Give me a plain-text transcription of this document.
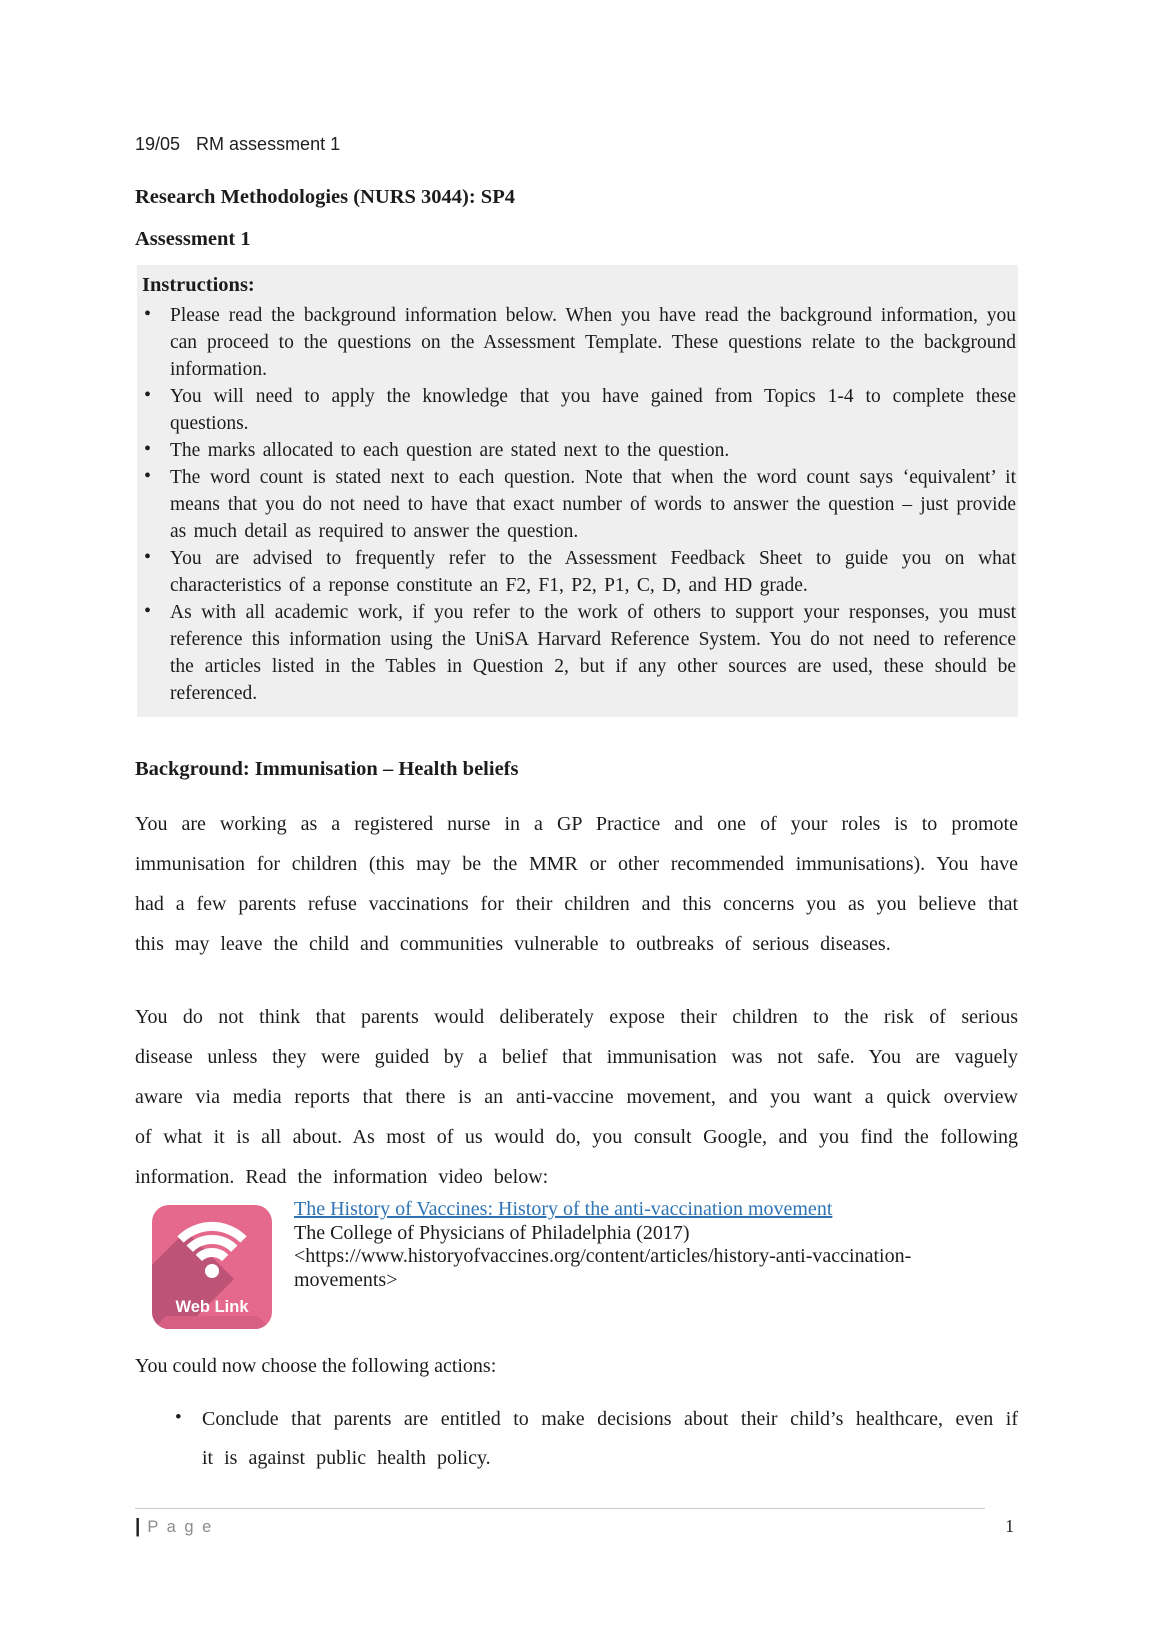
19/05 RM assessment 1
Research Methodologies (NURS 3044): SP4
Assessment 1
Instructions:
• Please read the background information below. When you have read the background information, you can proceed to the questions on the Assessment Template. These questions relate to the background information.
• You will need to apply the knowledge that you have gained from Topics 1-4 to complete these questions.
• The marks allocated to each question are stated next to the question.
• The word count is stated next to each question. Note that when the word count says ‘equivalent’ it means that you do not need to have that exact number of words to answer the question – just provide as much detail as required to answer the question.
• You are advised to frequently refer to the Assessment Feedback Sheet to guide you on what characteristics of a reponse constitute an F2, F1, P2, P1, C, D, and HD grade.
• As with all academic work, if you refer to the work of others to support your responses, you must reference this information using the UniSA Harvard Reference System. You do not need to reference the articles listed in the Tables in Question 2, but if any other sources are used, these should be referenced.
Background: Immunisation – Health beliefs

You are working as a registered nurse in a GP Practice and one of your roles is to promote immunisation for children (this may be the MMR or other recommended immunisations). You have had a few parents refuse vaccinations for their children and this concerns you as you believe that this may leave the child and communities vulnerable to outbreaks of serious diseases.

You do not think that parents would deliberately expose their children to the risk of serious disease unless they were guided by a belief that immunisation was not safe. You are vaguely aware via media reports that there is an anti-vaccine movement, and you want a quick overview of what it is all about. As most of us would do, you consult Google, and you find the following information. Read the information video below:

Web Link
The History of Vaccines: History of the anti-vaccination movement
The College of Physicians of Philadelphia (2017)
<https://www.historyofvaccines.org/content/articles/history-anti-vaccination-movements>

You could now choose the following actions:

• Conclude that parents are entitled to make decisions about their child’s healthcare, even if it is against public health policy.
| P a g e	1
